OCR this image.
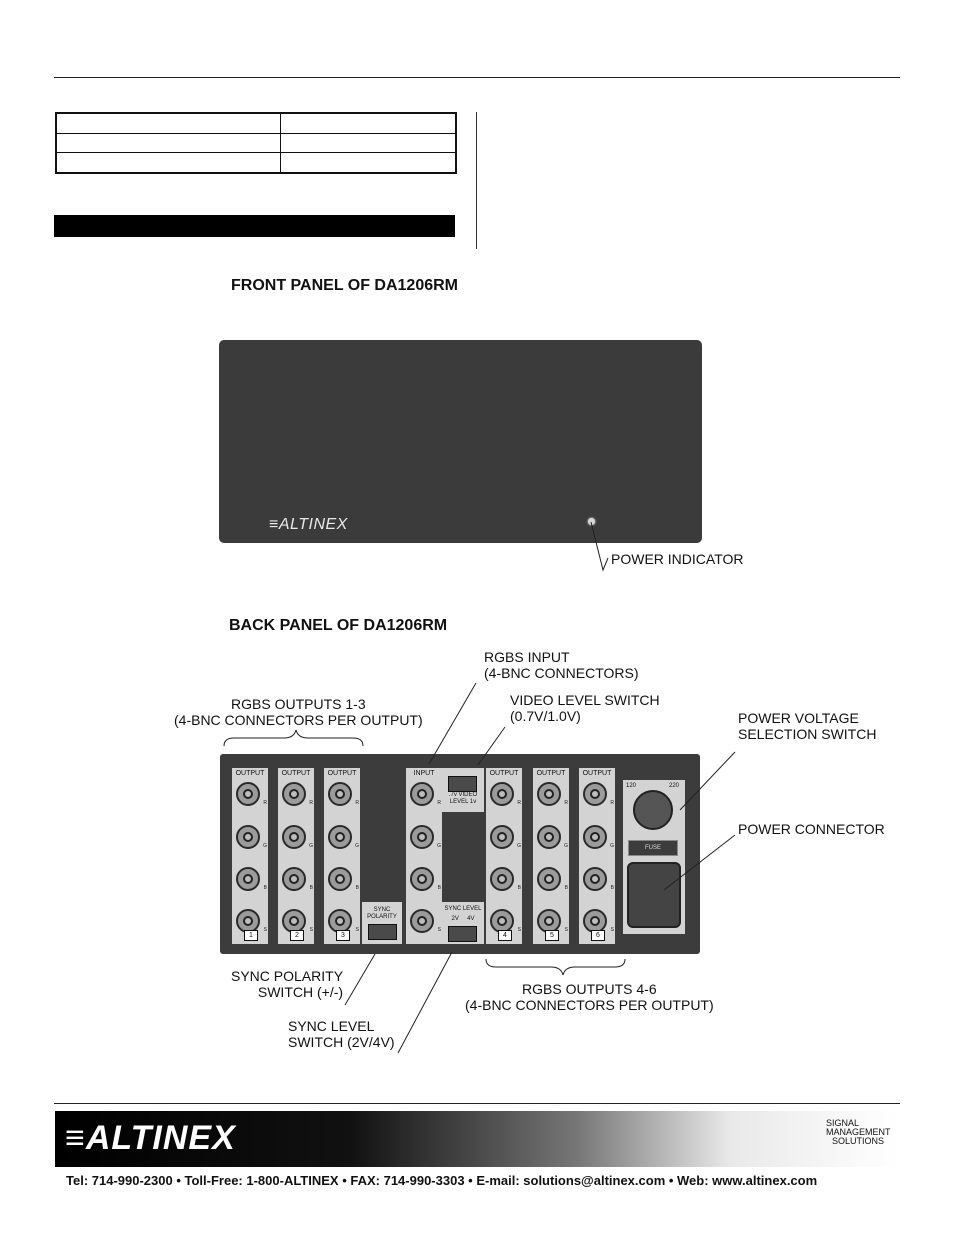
FRONT PANEL OF DA1206RM
≡ALTINEX
POWER INDICATOR
BACK PANEL OF DA1206RM
RGBS INPUT
(4-BNC CONNECTORS)
VIDEO LEVEL SWITCH
(0.7V/1.0V)
RGBS OUTPUTS 1-3
(4-BNC CONNECTORS PER OUTPUT)	POWER VOLTAGE
SELECTION SWITCH
POWER CONNECTOR
SYNC POLARITY
SWITCH (+/-)	RGBS OUTPUTS 4-6
(4-BNC CONNECTORS PER OUTPUT)
SYNC LEVEL
SWITCH (2V/4V)
SYNC POLARITY
.7v VIDEO LEVEL 1v
SYNC LEVEL
2V 4V
120	220
FUSE
OUTPUT
R
G
B
S
1
OUTPUT
R
G
B
S
2
OUTPUT
R
G
B
S
3
INPUT
R
G
B
S
OUTPUT
R
G
B
S
4
OUTPUT
R
G
B
S
5
OUTPUT
R
G
B
S
6
≡ALTINEX	SIGNAL
MANAGEMENT
SOLUTIONS
Tel: 714-990-2300 • Toll-Free: 1-800-ALTINEX • FAX: 714-990-3303 • E-mail: solutions@altinex.com • Web: www.altinex.com
